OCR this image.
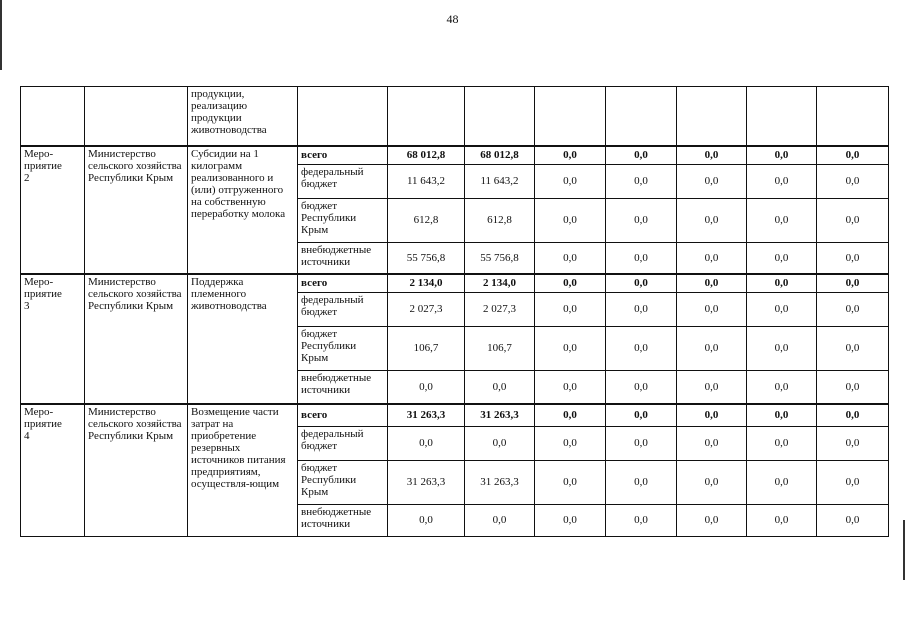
48
		продукции, реализацию продукции животноводства								

Меро-
приятие
2	Министерство сельского хозяйства Республики Крым	Субсидии на 1 килограмм реализованного и (или) отгруженного на собственную переработку молока	всего	68 012,8	68 012,8	0,0	0,0	0,0	0,0	0,0
			федеральный бюджет	11 643,2	11 643,2	0,0	0,0	0,0	0,0	0,0
			бюджет Республики Крым	612,8	612,8	0,0	0,0	0,0	0,0	0,0
			внебюджетные источники	55 756,8	55 756,8	0,0	0,0	0,0	0,0	0,0

Меро-
приятие
3	Министерство сельского хозяйства Республики Крым	Поддержка племенного животноводства	всего	2 134,0	2 134,0	0,0	0,0	0,0	0,0	0,0
			федеральный бюджет	2 027,3	2 027,3	0,0	0,0	0,0	0,0	0,0
			бюджет Республики Крым	106,7	106,7	0,0	0,0	0,0	0,0	0,0
			внебюджетные источники	0,0	0,0	0,0	0,0	0,0	0,0	0,0

Меро-
приятие
4	Министерство сельского хозяйства Республики Крым	Возмещение части затрат на приобретение резервных источников питания предприятиям, осуществля-ющим	всего	31 263,3	31 263,3	0,0	0,0	0,0	0,0	0,0
			федеральный бюджет	0,0	0,0	0,0	0,0	0,0	0,0	0,0
			бюджет Республики Крым	31 263,3	31 263,3	0,0	0,0	0,0	0,0	0,0
			внебюджетные источники	0,0	0,0	0,0	0,0	0,0	0,0	0,0
